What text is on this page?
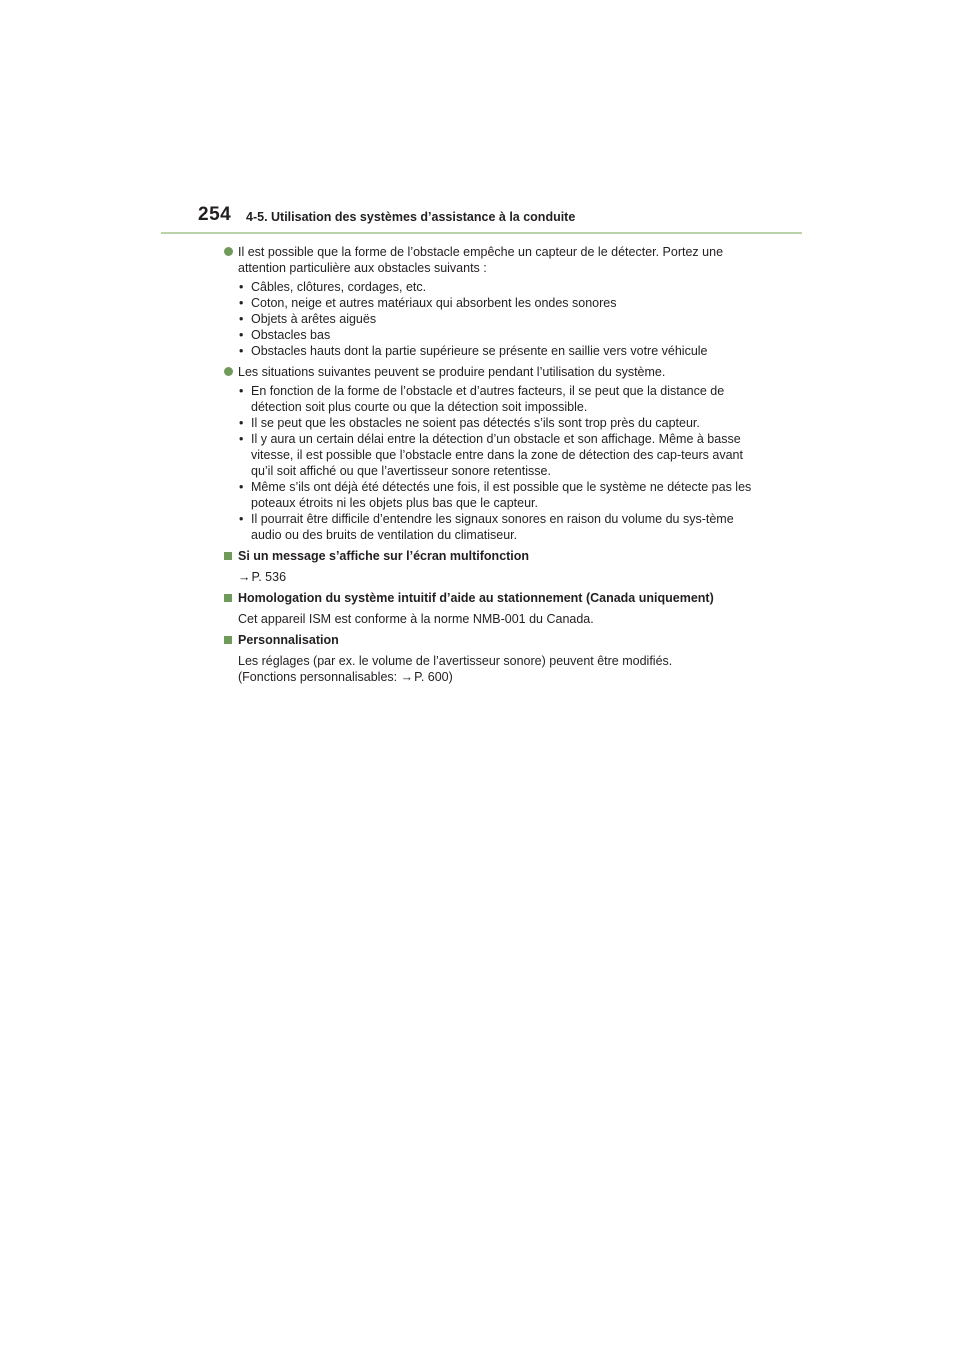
254 4-5. Utilisation des systèmes d’assistance à la conduite
Il est possible que la forme de l’obstacle empêche un capteur de le détecter. Portez une attention particulière aux obstacles suivants :
• Câbles, clôtures, cordages, etc.
• Coton, neige et autres matériaux qui absorbent les ondes sonores
• Objets à arêtes aiguës
• Obstacles bas
• Obstacles hauts dont la partie supérieure se présente en saillie vers votre véhicule
Les situations suivantes peuvent se produire pendant l’utilisation du système.
• En fonction de la forme de l’obstacle et d’autres facteurs, il se peut que la distance de détection soit plus courte ou que la détection soit impossible.
• Il se peut que les obstacles ne soient pas détectés s’ils sont trop près du capteur.
• Il y aura un certain délai entre la détection d’un obstacle et son affichage. Même à basse vitesse, il est possible que l’obstacle entre dans la zone de détection des cap-teurs avant qu’il soit affiché ou que l’avertisseur sonore retentisse.
• Même s’ils ont déjà été détectés une fois, il est possible que le système ne détecte pas les poteaux étroits ni les objets plus bas que le capteur.
• Il pourrait être difficile d’entendre les signaux sonores en raison du volume du sys-tème audio ou des bruits de ventilation du climatiseur.
Si un message s’affiche sur l’écran multifonction
→P. 536
Homologation du système intuitif d’aide au stationnement (Canada uniquement)
Cet appareil ISM est conforme à la norme NMB-001 du Canada.
Personnalisation
Les réglages (par ex. le volume de l’avertisseur sonore) peuvent être modifiés.
(Fonctions personnalisables: →P. 600)
